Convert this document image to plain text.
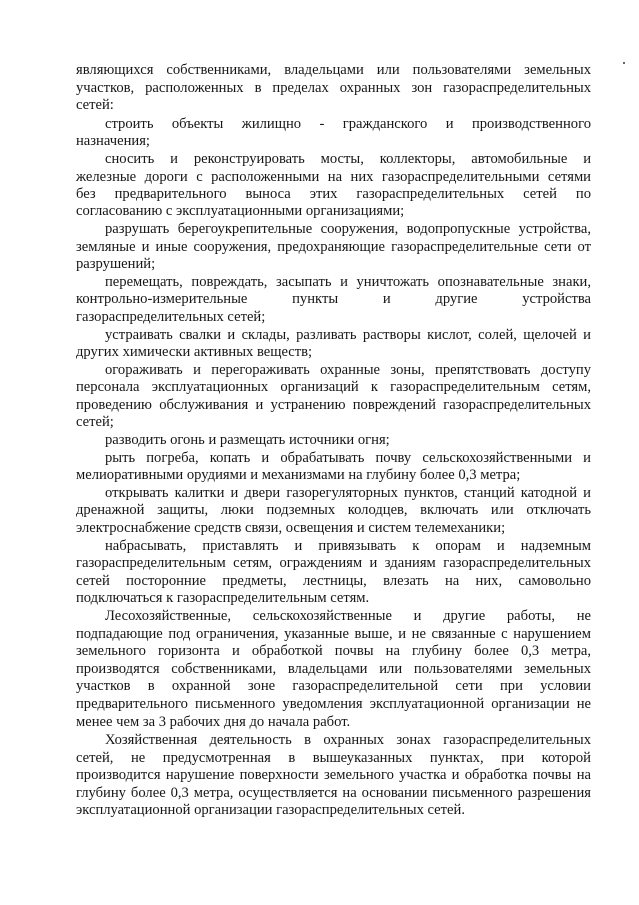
являющихся собственниками, владельцами или пользователями земельных
участков, расположенных в пределах охранных зон газораспределительных
сетей:
строить объекты жилищно - гражданского и производственного
назначения;
сносить и реконструировать мосты, коллекторы, автомобильные и
железные дороги с расположенными на них газораспределительными сетями
без предварительного выноса этих газораспределительных сетей по
согласованию с эксплуатационными организациями;
разрушать берегоукрепительные сооружения, водопропускные устройства,
земляные и иные сооружения, предохраняющие газораспределительные сети от
разрушений;
перемещать, повреждать, засыпать и уничтожать опознавательные знаки,
контрольно-измерительные пункты и другие устройства
газораспределительных сетей;
устраивать свалки и склады, разливать растворы кислот, солей, щелочей и
других химически активных веществ;
огораживать и перегораживать охранные зоны, препятствовать доступу
персонала эксплуатационных организаций к газораспределительным сетям,
проведению обслуживания и устранению повреждений газораспределительных
сетей;
разводить огонь и размещать источники огня;
рыть погреба, копать и обрабатывать почву сельскохозяйственными и
мелиоративными орудиями и механизмами на глубину более 0,3 метра;
открывать калитки и двери газорегуляторных пунктов, станций катодной и
дренажной защиты, люки подземных колодцев, включать или отключать
электроснабжение средств связи, освещения и систем телемеханики;
набрасывать, приставлять и привязывать к опорам и надземным
газораспределительным сетям, ограждениям и зданиям газораспределительных
сетей посторонние предметы, лестницы, влезать на них, самовольно
подключаться к газораспределительным сетям.
Лесохозяйственные, сельскохозяйственные и другие работы, не
подпадающие под ограничения, указанные выше, и не связанные с нарушением
земельного горизонта и обработкой почвы на глубину более 0,3 метра,
производятся собственниками, владельцами или пользователями земельных
участков в охранной зоне газораспределительной сети при условии
предварительного письменного уведомления эксплуатационной организации не
менее чем за 3 рабочих дня до начала работ.
Хозяйственная деятельность в охранных зонах газораспределительных
сетей, не предусмотренная в вышеуказанных пунктах, при которой
производится нарушение поверхности земельного участка и обработка почвы на
глубину более 0,3 метра, осуществляется на основании письменного разрешения
эксплуатационной организации газораспределительных сетей.
